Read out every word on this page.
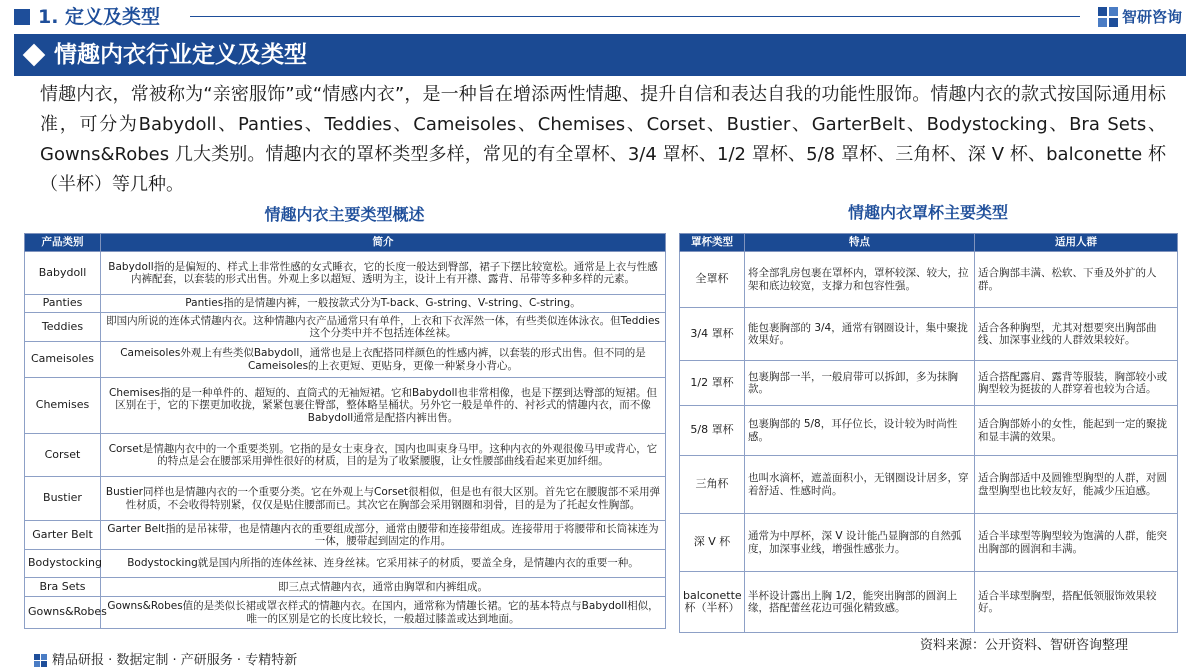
1. 定义及类型	智研咨询
情趣内衣行业定义及类型

情趣内衣，常被称为“亲密服饰”或“情感内衣”，是一种旨在增添两性情趣、提升自信和表达自我的功能性服饰。情趣内衣的款式按国际通用标准，可分为Babydoll、Panties、Teddies、Cameisoles、Chemises、Corset、Bustier、GarterBelt、Bodystocking、Bra Sets、Gowns&Robes 几大类别。情趣内衣的罩杯类型多样，常见的有全罩杯、3/4 罩杯、1/2 罩杯、5/8 罩杯、三角杯、深 V 杯、balconette 杯（半杯）等几种。

情趣内衣主要类型概述	情趣内衣罩杯主要类型
产品类别	简介
Babydoll	Babydoll指的是偏短的、样式上非常性感的女式睡衣，它的长度一般达到臀部，裙子下摆比较宽松。通常是上衣与性感内裤配套，以套装的形式出售。外观上多以超短、透明为主，设计上有开襟、露背、吊带等多种多样的元素。
Panties	Panties指的是情趣内裤，一般按款式分为T-back、G-string、V-string、C-string。
Teddies	即国内所说的连体式情趣内衣。这种情趣内衣产品通常只有单件，上衣和下衣浑然一体，有些类似连体泳衣。但Teddies这个分类中并不包括连体丝袜。
Cameisoles	Cameisoles外观上有些类似Babydoll，通常也是上衣配搭同样颜色的性感内裤，以套装的形式出售。但不同的是Cameisoles的上衣更短、更贴身，更像一种紧身小背心。
Chemises	Chemises指的是一种单件的、超短的、直筒式的无袖短裙。它和Babydoll也非常相像，也是下摆到达臀部的短裙。但区别在于，它的下摆更加收拢，紧紧包裹住臀部，整体略呈桶状。另外它一般是单件的、衬衫式的情趣内衣，而不像Babydoll通常是配搭内裤出售。
Corset	Corset是情趣内衣中的一个重要类别。它指的是女士束身衣，国内也叫束身马甲。这种内衣的外观很像马甲或背心，它的特点是会在腰部采用弹性很好的材质，目的是为了收紧腰腹，让女性腰部曲线看起来更加纤细。
Bustier	Bustier同样也是情趣内衣的一个重要分类。它在外观上与Corset很相似，但是也有很大区别。首先它在腰腹部不采用弹性材质，不会收得特别紧，仅仅是贴住腰部而已。其次它在胸部会采用钢圈和羽骨，目的是为了托起女性胸部。
Garter Belt	Garter Belt指的是吊袜带，也是情趣内衣的重要组成部分，通常由腰带和连接带组成。连接带用于将腰带和长筒袜连为一体，腰带起到固定的作用。
Bodystocking	Bodystocking就是国内所指的连体丝袜、连身丝袜。它采用袜子的材质，要盖全身，是情趣内衣的重要一种。
Bra Sets	即三点式情趣内衣，通常由胸罩和内裤组成。
Gowns&Robes	Gowns&Robes值的是类似长裙或罩衣样式的情趣内衣。在国内，通常称为情趣长裙。它的基本特点与Babydoll相似，唯一的区别是它的长度比较长，一般超过膝盖或达到地面。
罩杯类型	特点	适用人群
全罩杯	将全部乳房包裹在罩杯内，罩杯较深、较大，拉架和底边较宽，支撑力和包容性强。	适合胸部丰满、松软、下垂及外扩的人群。
3/4 罩杯	能包裹胸部的 3/4，通常有钢圈设计，集中聚拢效果好。	适合各种胸型，尤其对想要突出胸部曲线、加深事业线的人群效果较好。
1/2 罩杯	包裹胸部一半，一般肩带可以拆卸，多为抹胸款。	适合搭配露肩、露背等服装，胸部较小或胸型较为挺拔的人群穿着也较为合适。
5/8 罩杯	包裹胸部的 5/8，耳仔位长，设计较为时尚性感。	适合胸部娇小的女性，能起到一定的聚拢和显丰满的效果。
三角杯	也叫水滴杯，遮盖面积小，无钢圈设计居多，穿着舒适、性感时尚。	适合胸部适中及圆锥型胸型的人群，对圆盘型胸型也比较友好，能减少压迫感。
深 V 杯	通常为中厚杯，深 V 设计能凸显胸部的自然弧度，加深事业线，增强性感张力。	适合半球型等胸型较为饱满的人群，能突出胸部的圆润和丰满。
balconette 杯（半杯）	半杯设计露出上胸 1/2，能突出胸部的圆润上缘，搭配蕾丝花边可强化精致感。	适合半球型胸型，搭配低领服饰效果较好。
资料来源：公开资料、智研咨询整理
精品研报 · 数据定制 · 产研服务 · 专精特新
